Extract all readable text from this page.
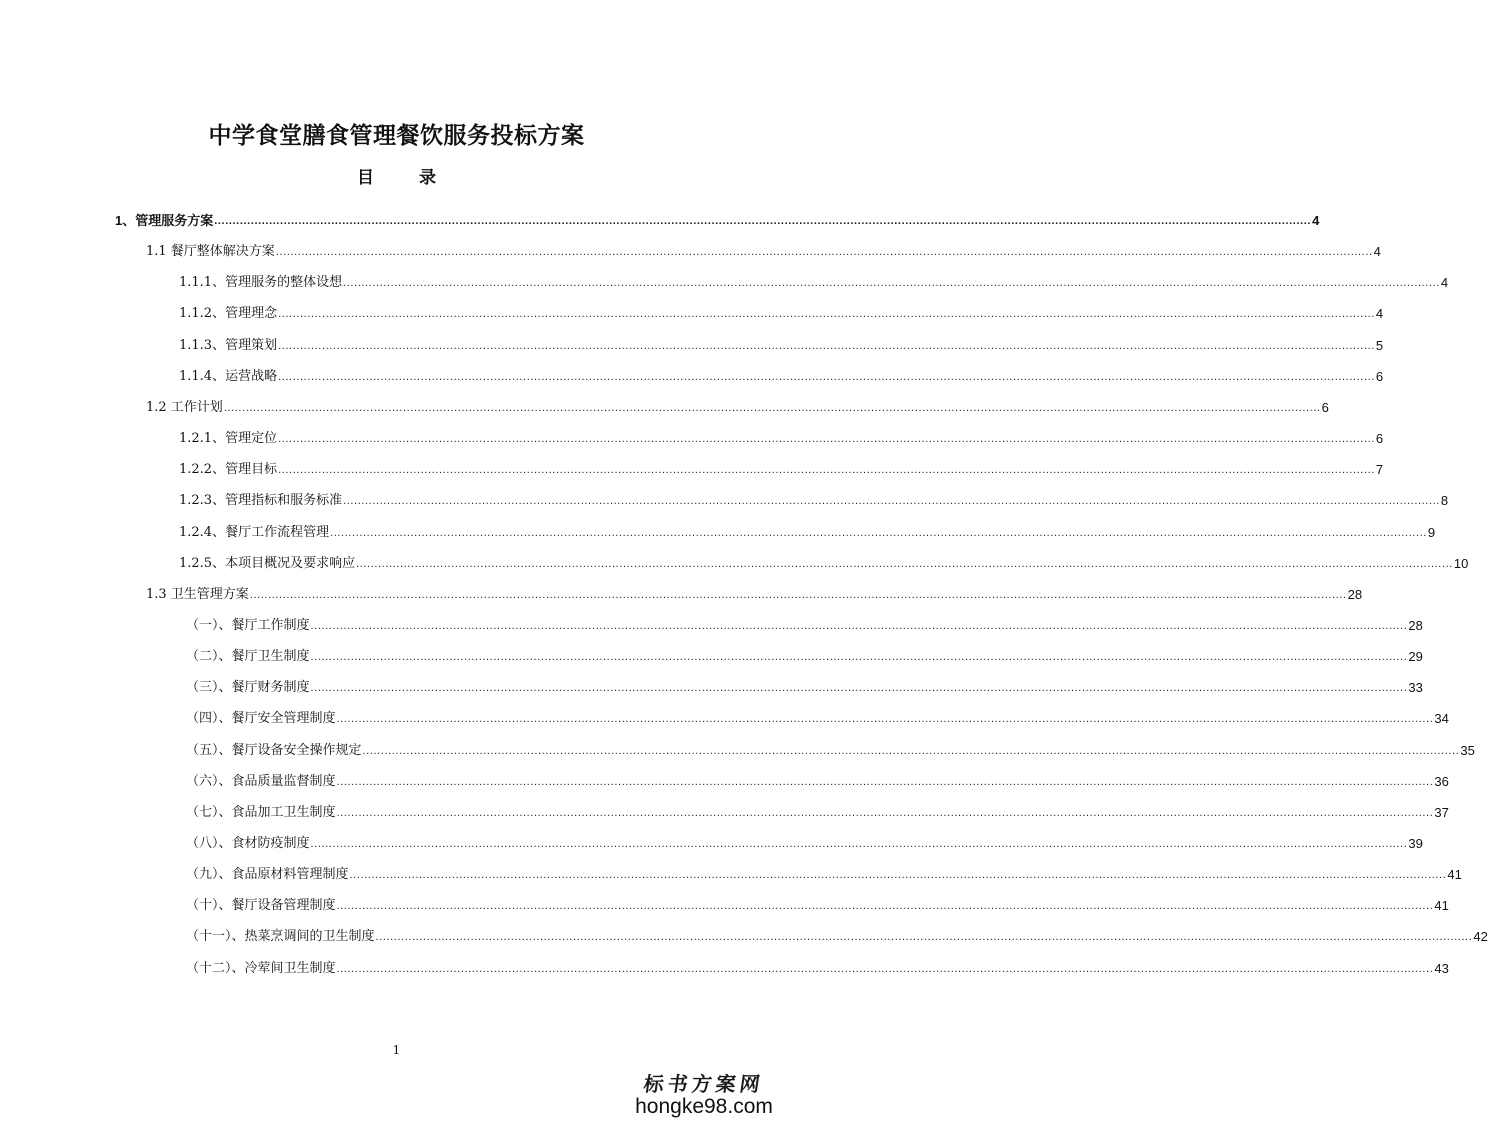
中学食堂膳食管理餐饮服务投标方案
目　录
1、管理服务方案 ............................................................................................................................................................................................................................................................................................................ 4
1.1 餐厅整体解决方案 ............................................................................................................................................................................................................................................................................................................ 4
1.1.1、管理服务的整体设想 ............................................................................................................................................................................................................................................................................................................ 4
1.1.2、管理理念 ............................................................................................................................................................................................................................................................................................................ 4
1.1.3、管理策划 ............................................................................................................................................................................................................................................................................................................ 5
1.1.4、运营战略 ............................................................................................................................................................................................................................................................................................................ 6
1.2 工作计划 ............................................................................................................................................................................................................................................................................................................ 6
1.2.1、管理定位 ............................................................................................................................................................................................................................................................................................................ 6
1.2.2、管理目标 ............................................................................................................................................................................................................................................................................................................ 7
1.2.3、管理指标和服务标准 ............................................................................................................................................................................................................................................................................................................ 8
1.2.4、餐厅工作流程管理 ............................................................................................................................................................................................................................................................................................................ 9
1.2.5、本项目概况及要求响应 ............................................................................................................................................................................................................................................................................................................ 10
1.3 卫生管理方案 ............................................................................................................................................................................................................................................................................................................ 28
（一）、餐厅工作制度 ............................................................................................................................................................................................................................................................................................................ 28
（二）、餐厅卫生制度 ............................................................................................................................................................................................................................................................................................................ 29
（三）、餐厅财务制度 ............................................................................................................................................................................................................................................................................................................ 33
（四）、餐厅安全管理制度 ............................................................................................................................................................................................................................................................................................................ 34
（五）、餐厅设备安全操作规定 ............................................................................................................................................................................................................................................................................................................ 35
（六）、食品质量监督制度 ............................................................................................................................................................................................................................................................................................................ 36
（七）、食品加工卫生制度 ............................................................................................................................................................................................................................................................................................................ 37
（八）、食材防疫制度 ............................................................................................................................................................................................................................................................................................................ 39
（九）、食品原材料管理制度 ............................................................................................................................................................................................................................................................................................................ 41
（十）、餐厅设备管理制度 ............................................................................................................................................................................................................................................................................................................ 41
（十一）、热菜烹调间的卫生制度 ............................................................................................................................................................................................................................................................................................................ 42
（十二）、冷荤间卫生制度 ............................................................................................................................................................................................................................................................................................................ 43
1
标书方案网
hongke98.com
